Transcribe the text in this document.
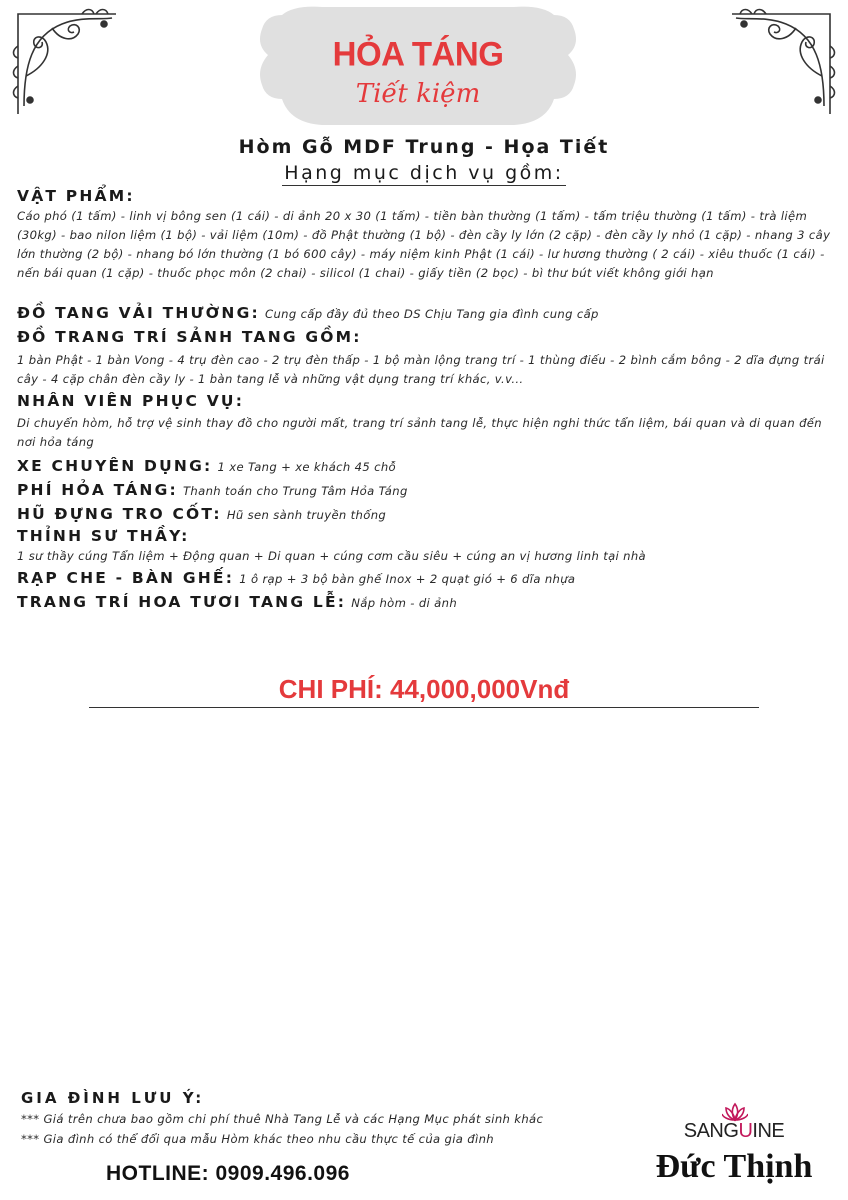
HỎA TÁNG
Tiết kiệm
Hòm Gỗ MDF Trung - Họa Tiết
Hạng mục dịch vụ gồm:
VẬT PHẨM:
Cáo phó (1 tấm) - linh vị bông sen (1 cái) - di ảnh 20 x 30 (1 tấm) - tiền bàn thường (1 tấm) - tấm triệu thường (1 tấm) - trà liệm (30kg) - bao nilon liệm (1 bộ) - vải liệm (10m) - đồ Phật thường (1 bộ) - đèn cầy ly lớn (2 cặp) - đèn cầy ly nhỏ (1 cặp) - nhang 3 cây lớn thường (2 bộ) - nhang bó lớn thường (1 bó 600 cây) - máy niệm kinh Phật (1 cái) - lư hương thường ( 2 cái) - xiêu thuốc (1 cái) - nến bái quan (1 cặp) - thuốc phọc môn (2 chai) - silicol (1 chai) - giấy tiền (2 bọc) - bì thư bút viết không giới hạn
ĐỒ TANG VẢI THƯỜNG: Cung cấp đầy đủ theo DS Chịu Tang gia đình cung cấp
ĐỒ TRANG TRÍ SẢNH TANG GỒM:
1 bàn Phật - 1 bàn Vong - 4 trụ đèn cao - 2 trụ đèn thấp - 1 bộ màn lộng trang trí - 1 thùng điếu - 2 bình cắm bông - 2 dĩa đựng trái cây - 4 cặp chân đèn cầy ly - 1 bàn tang lễ và những vật dụng trang trí khác, v.v...
NHÂN VIÊN PHỤC VỤ:
Di chuyển hòm, hỗ trợ vệ sinh thay đồ cho người mất, trang trí sảnh tang lễ, thực hiện nghi thức tẩn liệm, bái quan và di quan đến nơi hỏa táng
XE CHUYÊN DỤNG: 1 xe Tang + xe khách 45 chỗ
PHÍ HỎA TÁNG: Thanh toán cho Trung Tâm Hỏa Táng
HŨ ĐỰNG TRO CỐT: Hũ sen sành truyền thống
THỈNH SƯ THẦY:
1 sư thầy cúng Tẩn liệm + Động quan + Di quan + cúng cơm cầu siêu + cúng an vị hương linh tại nhà
RẠP CHE - BÀN GHẾ: 1 ô rạp + 3 bộ bàn ghế Inox + 2 quạt gió + 6 dĩa nhựa
TRANG TRÍ HOA TƯƠI TANG LỄ: Nắp hòm - di ảnh
CHI PHÍ: 44,000,000Vnđ
GIA ĐÌNH LƯU Ý:
*** Giá trên chưa bao gồm chi phí thuê Nhà Tang Lễ và các Hạng Mục phát sinh khác
*** Gia đình có thể đổi qua mẫu Hòm khác theo nhu cầu thực tế của gia đình
HOTLINE: 0909.496.096
SANGUINE
Đức Thịnh
